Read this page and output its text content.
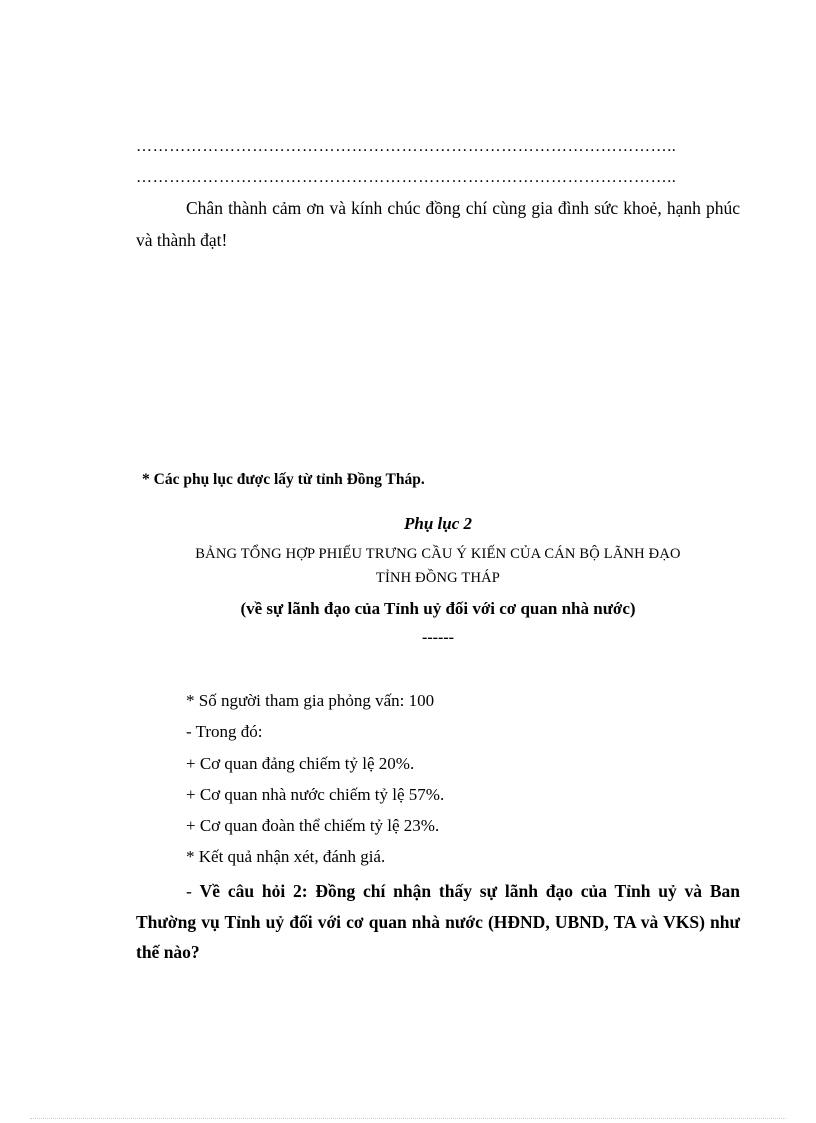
……………………………………………………………………………………..
……………………………………………………………………………………..
Chân thành cảm ơn và kính chúc đồng chí cùng gia đình sức khoẻ, hạnh phúc và thành đạt!
* Các phụ lục được lấy từ tỉnh Đồng Tháp.
Phụ lục 2
BẢNG TỔNG HỢP PHIẾU TRƯNG CẦU Ý KIẾN CỦA CÁN BỘ LÃNH ĐẠO
TỈNH ĐỒNG THÁP
(về sự lãnh đạo của Tỉnh uỷ đối với cơ quan nhà nước)
------
* Số người tham gia phỏng vấn: 100
- Trong đó:
+ Cơ quan đảng chiếm tỷ lệ 20%.
+ Cơ quan nhà nước chiếm tỷ lệ 57%.
+ Cơ quan đoàn thể chiếm tỷ lệ 23%.
* Kết quả nhận xét, đánh giá.
- Về câu hỏi 2: Đồng chí nhận thấy sự lãnh đạo của Tỉnh uỷ và Ban Thường vụ Tỉnh uỷ đối với cơ quan nhà nước (HĐND, UBND, TA và VKS) như thế nào?
